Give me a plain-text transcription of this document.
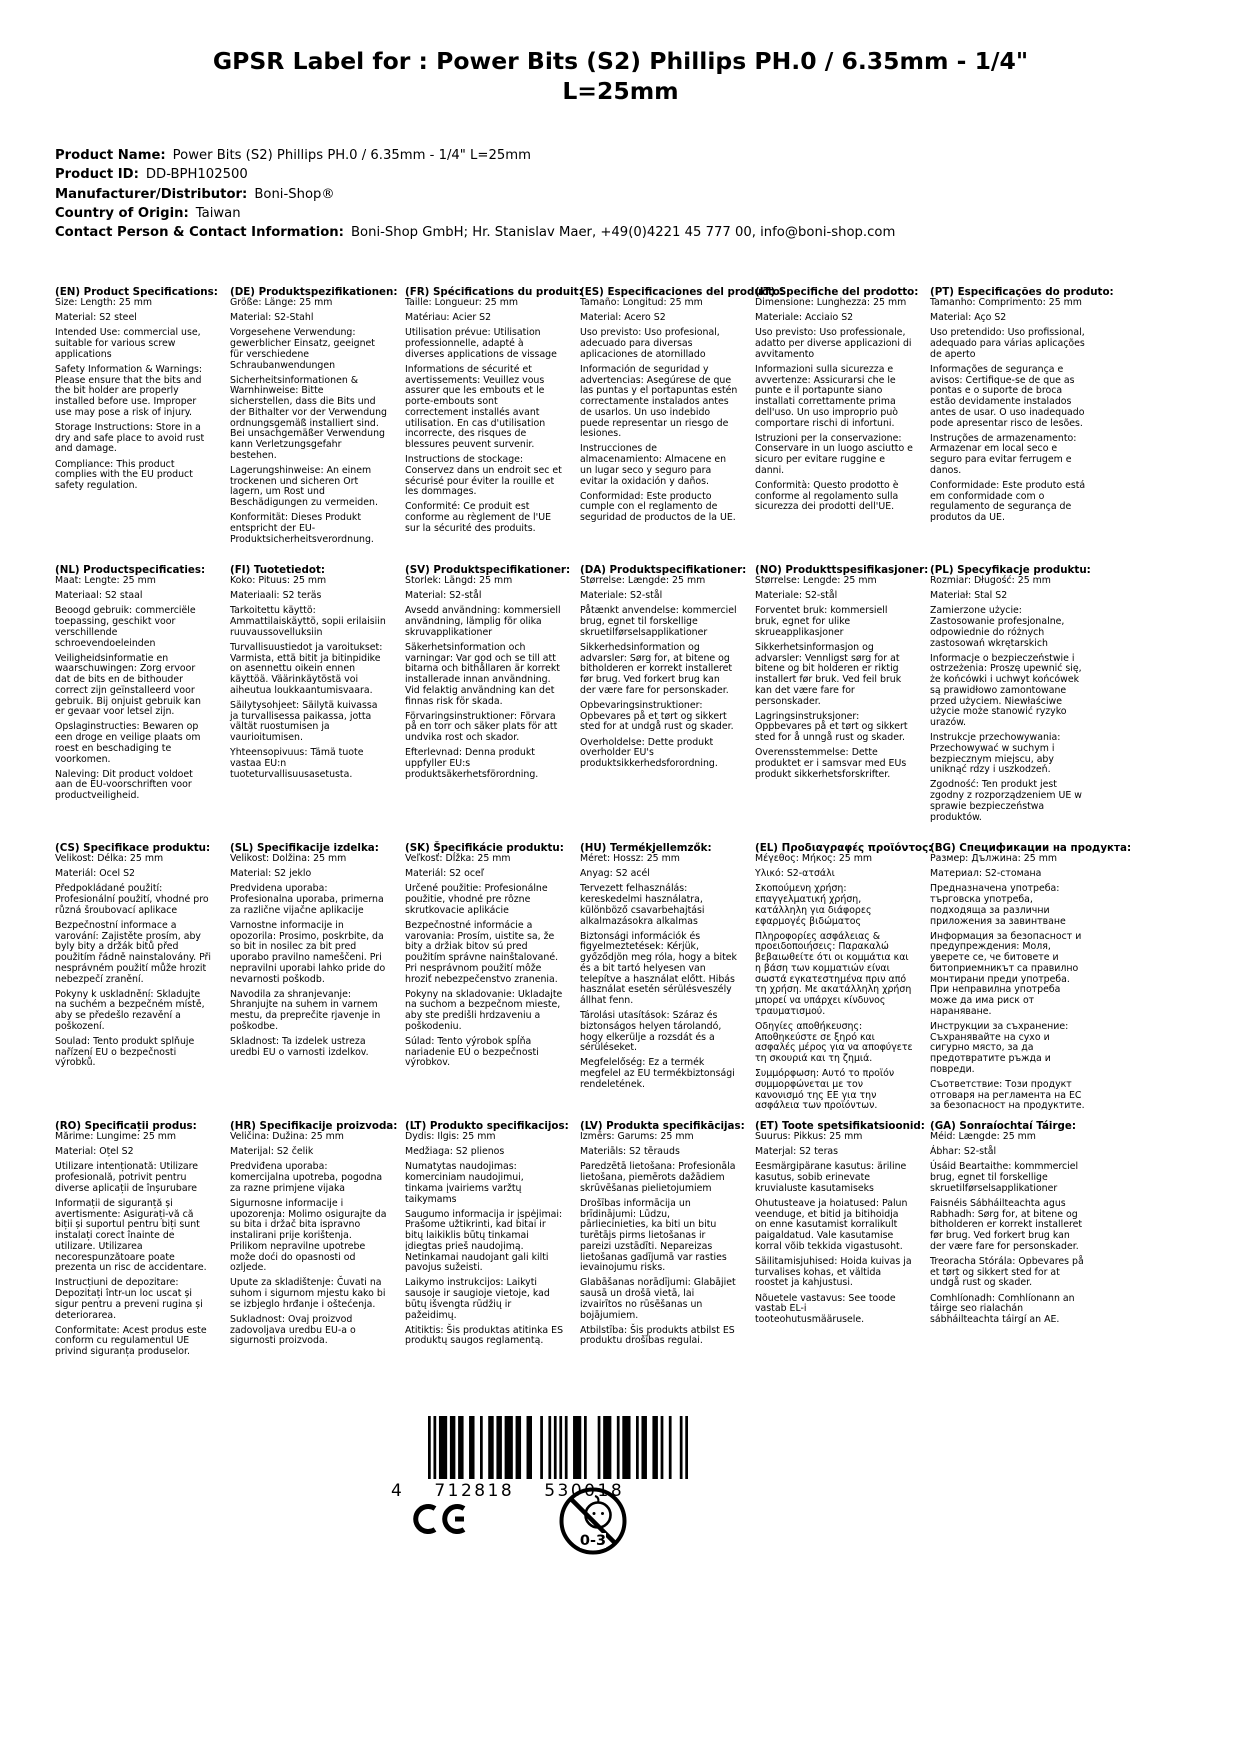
GPSR Label for : Power Bits (S2) Phillips PH.0 / 6.35mm - 1/4"
L=25mm
Product Name: Power Bits (S2) Phillips PH.0 / 6.35mm - 1/4" L=25mm
Product ID: DD-BPH102500
Manufacturer/Distributor: Boni-Shop®
Country of Origin: Taiwan
Contact Person & Contact Information: Boni-Shop GmbH; Hr. Stanislav Maer, +49(0)4221 45 777 00, info@boni-shop.com
(EN) Product Specifications:

Size: Length: 25 mm

Material: S2 steel

Intended Use: commercial use, suitable for various screw applications

Safety Information & Warnings: Please ensure that the bits and the bit holder are properly installed before use. Improper use may pose a risk of injury.

Storage Instructions: Store in a dry and safe place to avoid rust and damage.

Compliance: This product complies with the EU product safety regulation.

(DE) Produktspezifikationen:

Größe: Länge: 25 mm

Material: S2-Stahl

Vorgesehene Verwendung: gewerblicher Einsatz, geeignet für verschiedene Schraubanwendungen

Sicherheitsinformationen & Warnhinweise: Bitte sicherstellen, dass die Bits und der Bithalter vor der Verwendung ordnungsgemäß installiert sind. Bei unsachgemäßer Verwendung kann Verletzungsgefahr bestehen.

Lagerungshinweise: An einem trockenen und sicheren Ort lagern, um Rost und Beschädigungen zu vermeiden.

Konformität: Dieses Produkt entspricht der EU-Produktsicherheitsverordnung.

(FR) Spécifications du produit:

Taille: Longueur: 25 mm

Matériau: Acier S2

Utilisation prévue: Utilisation professionnelle, adapté à diverses applications de vissage

Informations de sécurité et avertissements: Veuillez vous assurer que les embouts et le porte-embouts sont correctement installés avant utilisation. En cas d'utilisation incorrecte, des risques de blessures peuvent survenir.

Instructions de stockage: Conservez dans un endroit sec et sécurisé pour éviter la rouille et les dommages.

Conformité: Ce produit est conforme au règlement de l'UE sur la sécurité des produits.

(ES) Especificaciones del producto:

Tamaño: Longitud: 25 mm

Material: Acero S2

Uso previsto: Uso profesional, adecuado para diversas aplicaciones de atornillado

Información de seguridad y advertencias: Asegúrese de que las puntas y el portapuntas estén correctamente instalados antes de usarlos. Un uso indebido puede representar un riesgo de lesiones.

Instrucciones de almacenamiento: Almacene en un lugar seco y seguro para evitar la oxidación y daños.

Conformidad: Este producto cumple con el reglamento de seguridad de productos de la UE.

(IT) Specifiche del prodotto:

Dimensione: Lunghezza: 25 mm

Materiale: Acciaio S2

Uso previsto: Uso professionale, adatto per diverse applicazioni di avvitamento

Informazioni sulla sicurezza e avvertenze: Assicurarsi che le punte e il portapunte siano installati correttamente prima dell'uso. Un uso improprio può comportare rischi di infortuni.

Istruzioni per la conservazione: Conservare in un luogo asciutto e sicuro per evitare ruggine e danni.

Conformità: Questo prodotto è conforme al regolamento sulla sicurezza dei prodotti dell'UE.

(PT) Especificações do produto:

Tamanho: Comprimento: 25 mm

Material: Aço S2

Uso pretendido: Uso profissional, adequado para várias aplicações de aperto

Informações de segurança e avisos: Certifique-se de que as pontas e o suporte de broca estão devidamente instalados antes de usar. O uso inadequado pode apresentar risco de lesões.

Instruções de armazenamento: Armazenar em local seco e seguro para evitar ferrugem e danos.

Conformidade: Este produto está em conformidade com o regulamento de segurança de produtos da UE.

(NL) Productspecificaties:

Maat: Lengte: 25 mm

Materiaal: S2 staal

Beoogd gebruik: commerciële toepassing, geschikt voor verschillende schroevendoeleinden

Veiligheidsinformatie en waarschuwingen: Zorg ervoor dat de bits en de bithouder correct zijn geïnstalleerd voor gebruik. Bij onjuist gebruik kan er gevaar voor letsel zijn.

Opslaginstructies: Bewaren op een droge en veilige plaats om roest en beschadiging te voorkomen.

Naleving: Dit product voldoet aan de EU-voorschriften voor productveiligheid.

(FI) Tuotetiedot:

Koko: Pituus: 25 mm

Materiaali: S2 teräs

Tarkoitettu käyttö: Ammattilaiskäyttö, sopii erilaisiin ruuvaussovelluksiin

Turvallisuustiedot ja varoitukset: Varmista, että bitit ja bitinpidike on asennettu oikein ennen käyttöä. Väärinkäytöstä voi aiheutua loukkaantumisvaara.

Säilytysohjeet: Säilytä kuivassa ja turvallisessa paikassa, jotta vältät ruostumisen ja vaurioitumisen.

Yhteensopivuus: Tämä tuote vastaa EU:n tuoteturvallisuusasetusta.

(SV) Produktspecifikationer:

Storlek: Längd: 25 mm

Material: S2-stål

Avsedd användning: kommersiell användning, lämplig för olika skruvapplikationer

Säkerhetsinformation och varningar: Var god och se till att bitarna och bithållaren är korrekt installerade innan användning. Vid felaktig användning kan det finnas risk för skada.

Förvaringsinstruktioner: Förvara på en torr och säker plats för att undvika rost och skador.

Efterlevnad: Denna produkt uppfyller EU:s produktsäkerhetsförordning.

(DA) Produktspecifikationer:

Størrelse: Længde: 25 mm

Materiale: S2-stål

Påtænkt anvendelse: kommerciel brug, egnet til forskellige skruetilførselsapplikationer

Sikkerhedsinformation og advarsler: Sørg for, at bitene og bitholderen er korrekt installeret før brug. Ved forkert brug kan der være fare for personskader.

Opbevaringsinstruktioner: Opbevares på et tørt og sikkert sted for at undgå rust og skader.

Overholdelse: Dette produkt overholder EU's produktsikkerhedsforordning.

(NO) Produkttspesifikasjoner:

Størrelse: Lengde: 25 mm

Materiale: S2-stål

Forventet bruk: kommersiell bruk, egnet for ulike skrueapplikasjoner

Sikkerhetsinformasjon og advarsler: Vennligst sørg for at bitene og bit holderen er riktig installert før bruk. Ved feil bruk kan det være fare for personskader.

Lagringsinstruksjoner: Oppbevares på et tørt og sikkert sted for å unngå rust og skader.

Overensstemmelse: Dette produktet er i samsvar med EUs produkt sikkerhetsforskrifter.

(PL) Specyfikacje produktu:

Rozmiar: Długość: 25 mm

Materiał: Stal S2

Zamierzone użycie: Zastosowanie profesjonalne, odpowiednie do różnych zastosowań wkrętarskich

Informacje o bezpieczeństwie i ostrzeżenia: Proszę upewnić się, że końcówki i uchwyt końcówek są prawidłowo zamontowane przed użyciem. Niewłaściwe użycie może stanowić ryzyko urazów.

Instrukcje przechowywania: Przechowywać w suchym i bezpiecznym miejscu, aby uniknąć rdzy i uszkodzeń.

Zgodność: Ten produkt jest zgodny z rozporządzeniem UE w sprawie bezpieczeństwa produktów.

(CS) Specifikace produktu:

Velikost: Délka: 25 mm

Materiál: Ocel S2

Předpokládané použití: Profesionální použití, vhodné pro různá šroubovací aplikace

Bezpečnostní informace a varování: Zajistěte prosím, aby byly bity a držák bitů před použitím řádně nainstalovány. Při nesprávném použití může hrozit nebezpečí zranění.

Pokyny k uskladnění: Skladujte na suchém a bezpečném místě, aby se předešlo rezavění a poškození.

Soulad: Tento produkt splňuje nařízení EU o bezpečnosti výrobků.

(SL) Specifikacije izdelka:

Velikost: Dolžina: 25 mm

Material: S2 jeklo

Predvidena uporaba: Profesionalna uporaba, primerna za različne vijačne aplikacije

Varnostne informacije in opozorila: Prosimo, poskrbite, da so bit in nosilec za bit pred uporabo pravilno nameščeni. Pri nepravilni uporabi lahko pride do nevarnosti poškodb.

Navodila za shranjevanje: Shranjujte na suhem in varnem mestu, da preprečite rjavenje in poškodbe.

Skladnost: Ta izdelek ustreza uredbi EU o varnosti izdelkov.

(SK) Špecifikácie produktu:

Veľkosť: Dĺžka: 25 mm

Materiál: S2 oceľ

Určené použitie: Profesionálne použitie, vhodné pre rôzne skrutkovacie aplikácie

Bezpečnostné informácie a varovania: Prosím, uistite sa, že bity a držiak bitov sú pred použitím správne nainštalované. Pri nesprávnom použití môže hroziť nebezpečenstvo zranenia.

Pokyny na skladovanie: Ukladajte na suchom a bezpečnom mieste, aby ste predišli hrdzaveniu a poškodeniu.

Súlad: Tento výrobok spĺňa nariadenie EÚ o bezpečnosti výrobkov.

(HU) Termékjellemzők:

Méret: Hossz: 25 mm

Anyag: S2 acél

Tervezett felhasználás: kereskedelmi használatra, különböző csavarbehajtási alkalmazásokra alkalmas

Biztonsági információk és figyelmeztetések: Kérjük, győződjön meg róla, hogy a bitek és a bit tartó helyesen van telepítve a használat előtt. Hibás használat esetén sérülésveszély állhat fenn.

Tárolási utasítások: Száraz és biztonságos helyen tárolandó, hogy elkerülje a rozsdát és a sérüléseket.

Megfelelőség: Ez a termék megfelel az EU termékbiztonsági rendeletének.

(EL) Προδιαγραφές προϊόντος:

Μέγεθος: Μήκος: 25 mm

Υλικό: S2-ατσάλι

Σκοπούμενη χρήση: επαγγελματική χρήση, κατάλληλη για διάφορες εφαρμογές βιδώματος

Πληροφορίες ασφάλειας & προειδοποιήσεις: Παρακαλώ βεβαιωθείτε ότι οι κομμάτια και η βάση των κομματιών είναι σωστά εγκατεστημένα πριν από τη χρήση. Με ακατάλληλη χρήση μπορεί να υπάρχει κίνδυνος τραυματισμού.

Οδηγίες αποθήκευσης: Αποθηκεύστε σε ξηρό και ασφαλές μέρος για να αποφύγετε τη σκουριά και τη ζημιά.

Συμμόρφωση: Αυτό το προϊόν συμμορφώνεται με τον κανονισμό της ΕΕ για την ασφάλεια των προϊόντων.

(BG) Спецификации на продукта:

Размер: Дължина: 25 mm

Материал: S2-стомана

Предназначена употреба: търговска употреба, подходяща за различни приложения за завинтване

Информация за безопасност и предупреждения: Моля, уверете се, че битовете и битоприемникът са правилно монтирани преди употреба. При неправилна употреба може да има риск от нараняване.

Инструкции за съхранение: Съхранявайте на сухо и сигурно място, за да предотвратите ръжда и повреди.

Съответствие: Този продукт отговаря на регламента на ЕС за безопасност на продуктите.

(RO) Specificații produs:

Mărime: Lungime: 25 mm

Material: Oțel S2

Utilizare intenționată: Utilizare profesională, potrivit pentru diverse aplicații de înșurubare

Informații de siguranță și avertismente: Asigurați-vă că biții și suportul pentru biți sunt instalați corect înainte de utilizare. Utilizarea necorespunzătoare poate prezenta un risc de accidentare.

Instrucțiuni de depozitare: Depozitați într-un loc uscat și sigur pentru a preveni rugina și deteriorarea.

Conformitate: Acest produs este conform cu regulamentul UE privind siguranța produselor.

(HR) Specifikacije proizvoda:

Veličina: Dužina: 25 mm

Materijal: S2 čelik

Predviđena uporaba: komercijalna upotreba, pogodna za razne primjene vijaka

Sigurnosne informacije i upozorenja: Molimo osigurajte da su bita i držač bita ispravno instalirani prije korištenja. Prilikom nepravilne upotrebe može doći do opasnosti od ozljede.

Upute za skladištenje: Čuvati na suhom i sigurnom mjestu kako bi se izbjeglo hrđanje i oštećenja.

Sukladnost: Ovaj proizvod zadovoljava uredbu EU-a o sigurnosti proizvoda.

(LT) Produkto specifikacijos:

Dydis: Ilgis: 25 mm

Medžiaga: S2 plienos

Numatytas naudojimas: komerciniam naudojimui, tinkama įvairiems varžtų taikymams

Saugumo informacija ir įspėjimai: Prašome užtikrinti, kad bitai ir bitų laikiklis būtų tinkamai įdiegtas prieš naudojimą. Netinkamai naudojant gali kilti pavojus sužeisti.

Laikymo instrukcijos: Laikyti sausoje ir saugioje vietoje, kad būtų išvengta rūdžių ir pažeidimų.

Atitiktis: Šis produktas atitinka ES produktų saugos reglamentą.

(LV) Produkta specifikācijas:

Izmērs: Garums: 25 mm

Materiāls: S2 tērauds

Paredzētā lietošana: Profesionāla lietošana, piemērots dažādiem skrūvēšanas pielietojumiem

Drošības informācija un brīdinājumi: Lūdzu, pārliecinieties, ka biti un bitu turētājs pirms lietošanas ir pareizi uzstādīti. Nepareizas lietošanas gadījumā var rasties ievainojumu risks.

Glabāšanas norādījumi: Glabājiet sausā un drošā vietā, lai izvairītos no rūsēšanas un bojājumiem.

Atbilstība: Šis produkts atbilst ES produktu drošības regulai.

(ET) Toote spetsifikatsioonid:

Suurus: Pikkus: 25 mm

Materjal: S2 teras

Eesmärgipärane kasutus: äriline kasutus, sobib erinevate kruvialuste kasutamiseks

Ohutusteave ja hoiatused: Palun veenduge, et bitid ja bitihoidja on enne kasutamist korralikult paigaldatud. Vale kasutamise korral võib tekkida vigastusoht.

Säilitamisjuhised: Hoida kuivas ja turvalises kohas, et vältida roostet ja kahjustusi.

Nõuetele vastavus: See toode vastab EL-i tooteohutusmäärusele.

(GA) Sonraíochtaí Táirge:

Méid: Længde: 25 mm

Ábhar: S2-stål

Úsáid Beartaithe: kommmerciel brug, egnet til forskellige skruetilførselsapplikationer

Faisnéis Sábháilteachta agus Rabhadh: Sørg for, at bitene og bitholderen er korrekt installeret før brug. Ved forkert brug kan der være fare for personskader.

Treoracha Stórála: Opbevares på et tørt og sikkert sted for at undgå rust og skader.

Comhlíonadh: Comhlíonann an táirge seo rialachán sábháilteachta táirgí an AE.

4 712818 530018
0-3
